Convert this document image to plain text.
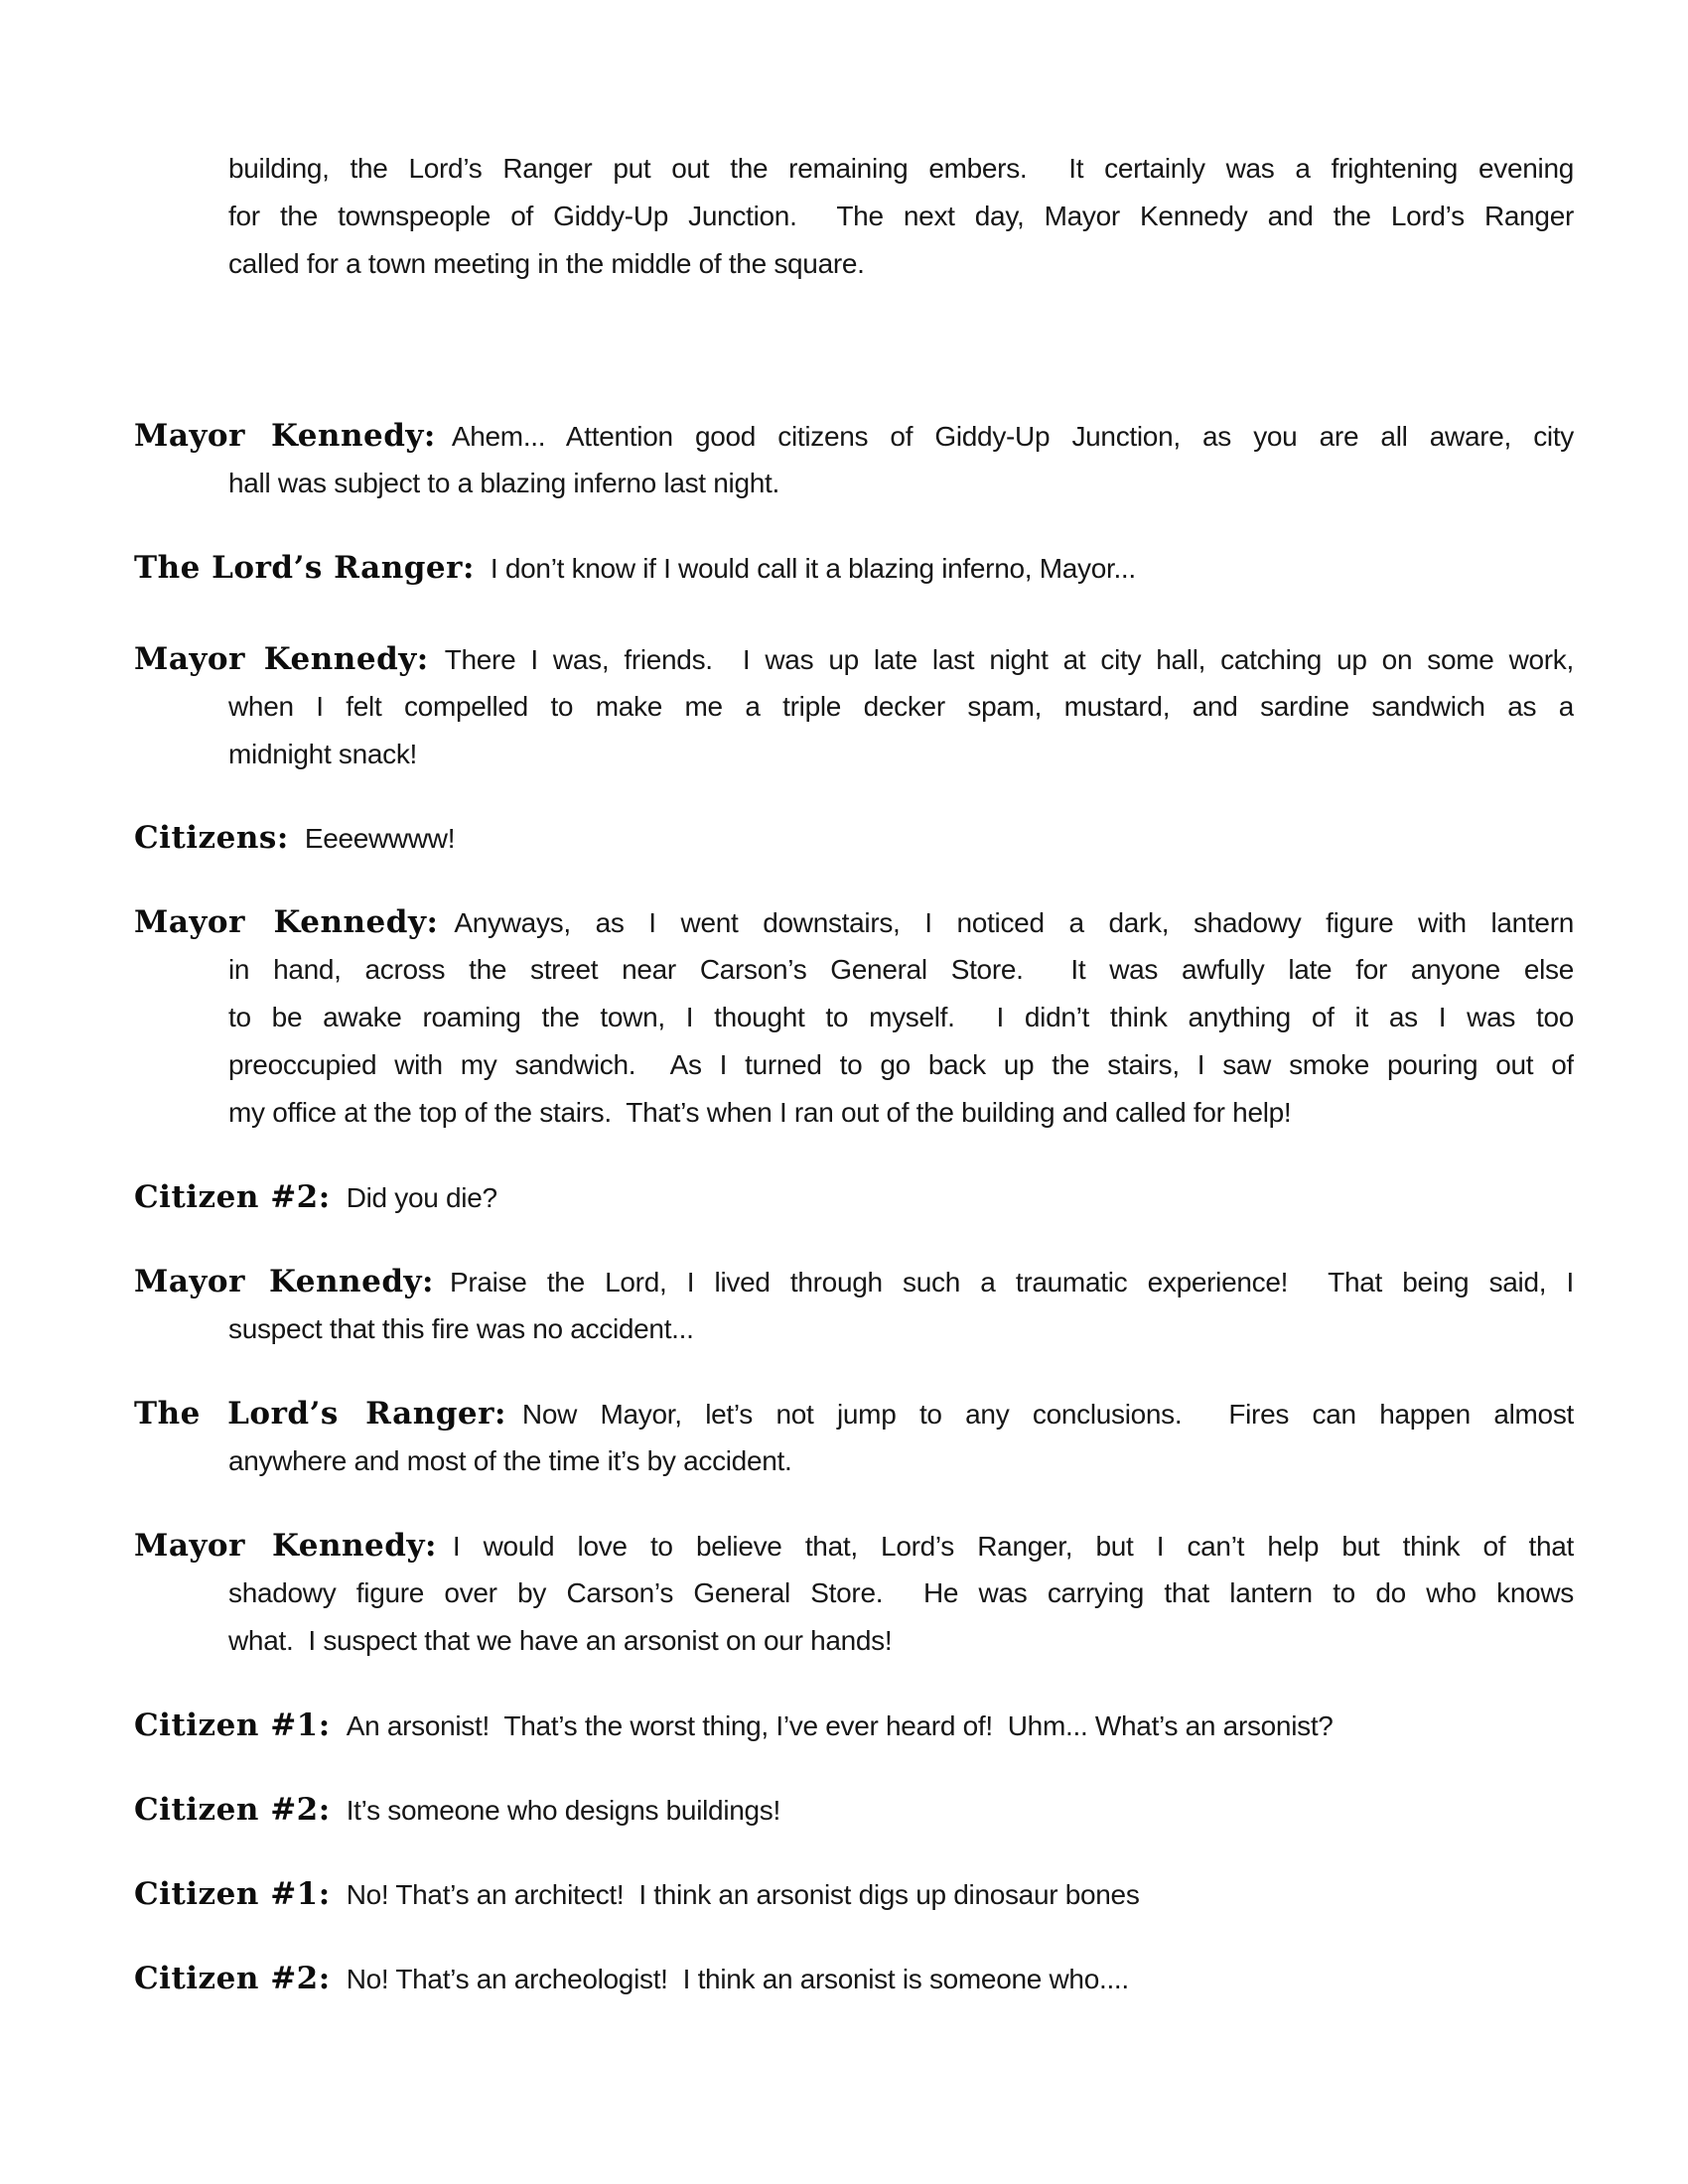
building, the Lord’s Ranger put out the remaining embers.  It certainly was a frightening evening
for the townspeople of Giddy-Up Junction.  The next day, Mayor Kennedy and the Lord’s Ranger
called for a town meeting in the middle of the square.
Mayor Kennedy: Ahem... Attention good citizens of Giddy-Up Junction, as you are all aware, city
hall was subject to a blazing inferno last night.
The Lord’s Ranger: I don’t know if I would call it a blazing inferno, Mayor...
Mayor Kennedy: There I was, friends.  I was up late last night at city hall, catching up on some work,
when I felt compelled to make me a triple decker spam, mustard, and sardine sandwich as a
midnight snack!
Citizens: Eeeewwww!
Mayor Kennedy: Anyways, as I went downstairs, I noticed a dark, shadowy figure with lantern
in hand, across the street near Carson’s General Store.  It was awfully late for anyone else
to be awake roaming the town, I thought to myself.  I didn’t think anything of it as I was too
preoccupied with my sandwich.  As I turned to go back up the stairs, I saw smoke pouring out of
my office at the top of the stairs.  That’s when I ran out of the building and called for help!
Citizen #2: Did you die?
Mayor Kennedy: Praise the Lord, I lived through such a traumatic experience!  That being said, I
suspect that this fire was no accident...
The Lord’s Ranger: Now Mayor, let’s not jump to any conclusions.  Fires can happen almost
anywhere and most of the time it’s by accident.
Mayor Kennedy: I would love to believe that, Lord’s Ranger, but I can’t help but think of that
shadowy figure over by Carson’s General Store.  He was carrying that lantern to do who knows
what.  I suspect that we have an arsonist on our hands!
Citizen #1: An arsonist!  That’s the worst thing, I’ve ever heard of!  Uhm... What’s an arsonist?
Citizen #2: It’s someone who designs buildings!
Citizen #1: No! That’s an architect!  I think an arsonist digs up dinosaur bones
Citizen #2: No! That’s an archeologist!  I think an arsonist is someone who....
